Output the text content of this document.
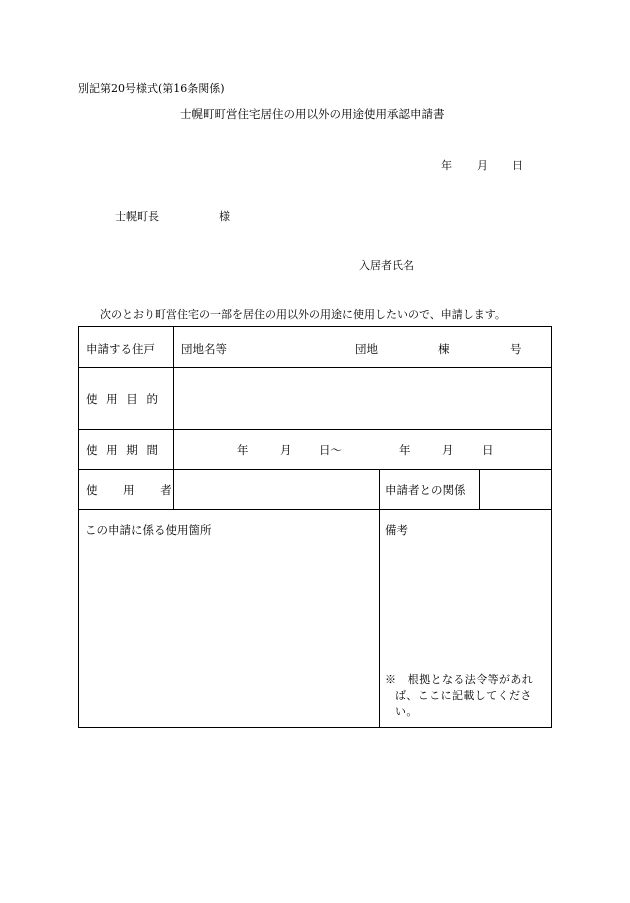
別記第20号様式(第16条関係)
士幌町町営住宅居住の用以外の用途使用承認申請書
年 月 日
士幌町長	様
入居者氏名
次のとおり町営住宅の一部を居住の用以外の用途に使用したいので、申請します。
申請する住戸 団地名等	団地	棟	号
使 用 目 的
使 用 期 間	年	月 日～	年	月 日
使 用 者	申請者との関係
この申請に係る使用箇所	備考
※　根拠となる法令等があれ
ば、ここに記載してくださ
い。
